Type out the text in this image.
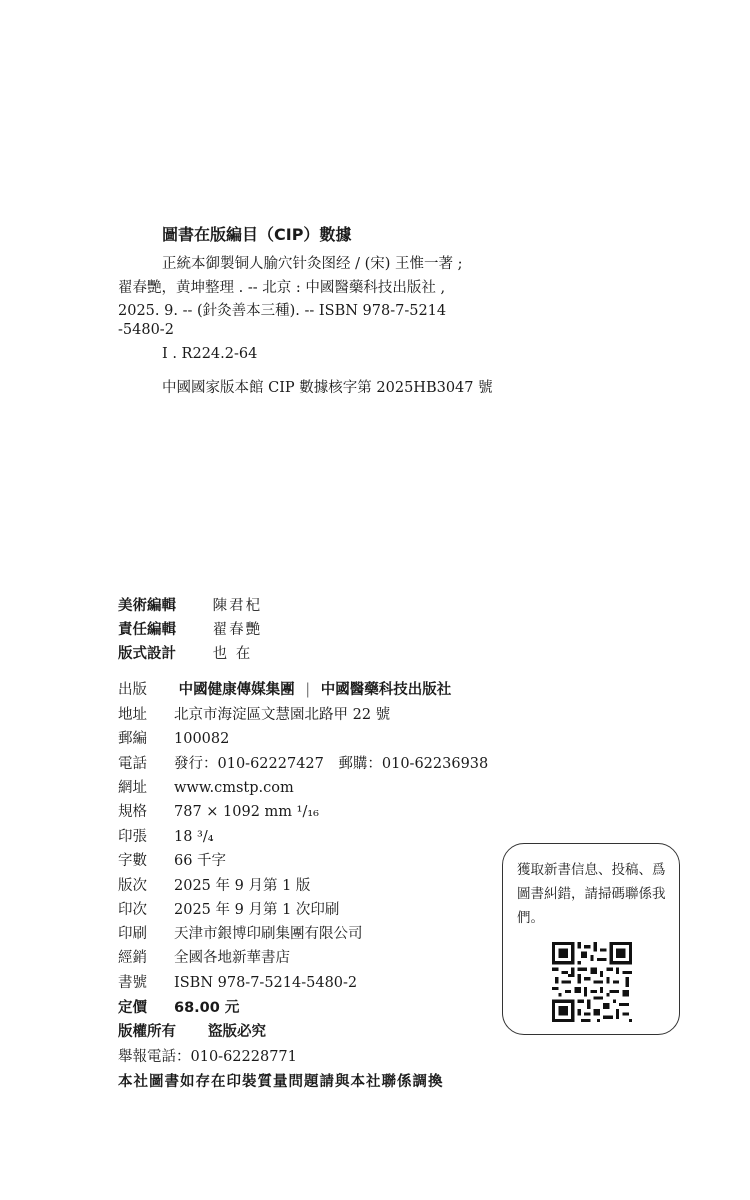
圖書在版編目（CIP）數據
正統本御製铜人腧穴针灸图经 / (宋) 王惟一著 ;
翟春艷，黄坤整理 . -- 北京 : 中國醫藥科技出版社 ,
2025. 9. -- (針灸善本三種). -- ISBN 978-7-5214
-5480-2
Ⅰ . R224.2-64
中國國家版本館 CIP 數據核字第 2025HB3047 號
美術編輯	陳君杞
責任編輯	翟春艷
版式設計	也 在
出版 中國健康傳媒集團 | 中國醫藥科技出版社
地址 北京市海淀區文慧園北路甲 22 號
郵編 100082
電話 發行：010-62227427　郵購：010-62236938
網址 www.cmstp.com
規格 787 × 1092 mm ¹/₁₆
印張 18 ³/₄
字數 66 千字
版次 2025 年 9 月第 1 版
印次 2025 年 9 月第 1 次印刷
印刷 天津市銀博印刷集團有限公司
經銷 全國各地新華書店
書號 ISBN 978-7-5214-5480-2
定價 68.00 元
版權所有 盜版必究
舉報電話：010-62228771
本社圖書如存在印裝質量問題請與本社聯係調換
獲取新書信息、投稿、爲圖書糾錯，請掃碼聯係我們。
